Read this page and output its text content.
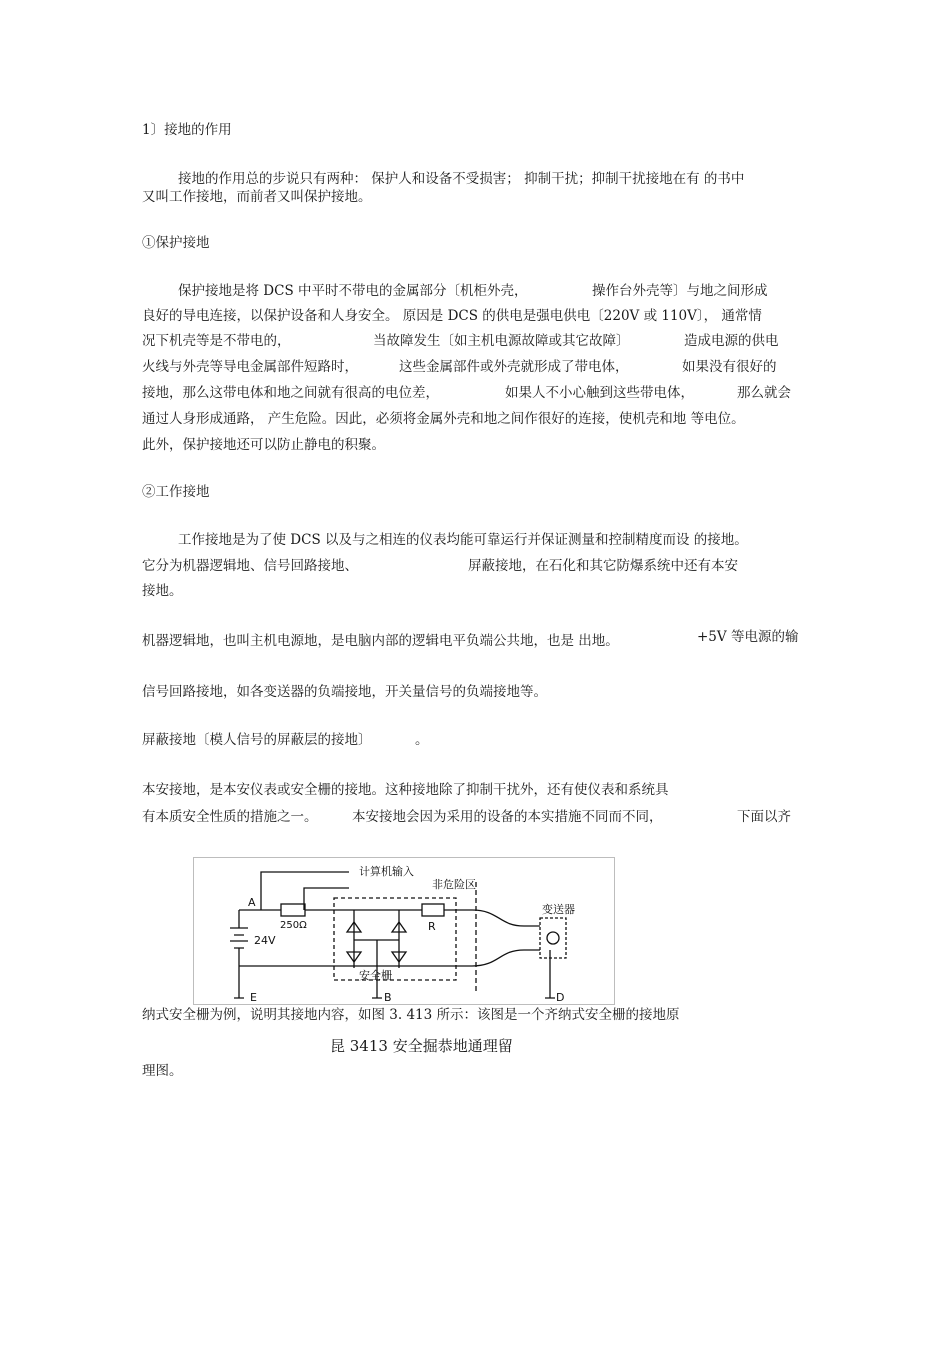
1〕接地的作用
接地的作用总的步说只有两种： 保护人和设备不受损害； 抑制干扰；抑制干扰接地在有 的书中
又叫工作接地，而前者又叫保护接地。
①保护接地
保护接地是将 DCS 中平时不带电的金属部分〔机柜外壳，	操作台外壳等〕与地之间形成
良好的导电连接，以保护设备和人身安全。 原因是 DCS 的供电是强电供电〔220V 或 110V〕， 通常情
况下机壳等是不带电的，	当故障发生〔如主机电源故障或其它故障〕	造成电源的供电
火线与外壳等导电金属部件短路时，	这些金属部件或外壳就形成了带电体，	如果没有很好的
接地，那么这带电体和地之间就有很高的电位差，	如果人不小心触到这些带电体，	那么就会
通过人身形成通路， 产生危险。因此，必须将金属外壳和地之间作很好的连接，使机壳和地 等电位。
此外，保护接地还可以防止静电的积聚。
②工作接地
工作接地是为了使 DCS 以及与之相连的仪表均能可靠运行并保证测量和控制精度而设 的接地。
它分为机器逻辑地、信号回路接地、	屏蔽接地，在石化和其它防爆系统中还有本安
接地。
机器逻辑地，也叫主机电源地，是电脑内部的逻辑电平负端公共地，也是 出地。	+5V 等电源的输
信号回路接地，如各变送器的负端接地，开关量信号的负端接地等。
屏蔽接地〔模人信号的屏蔽层的接地〕	。
本安接地，是本安仪表或安全栅的接地。这种接地除了抑制干扰外，还有使仪表和系统具
有本质安全性质的措施之一。	本安接地会因为采用的设备的本实措施不同而不同，	下面以齐
计算机输入
非危险区
变送器
A
250Ω	R
24V
安全栅
E	B	D
纳式安全栅为例，说明其接地内容，如图 3. 413 所示：该图是一个齐纳式安全栅的接地原
昆 3413 安全掘恭地通理留
理图。
